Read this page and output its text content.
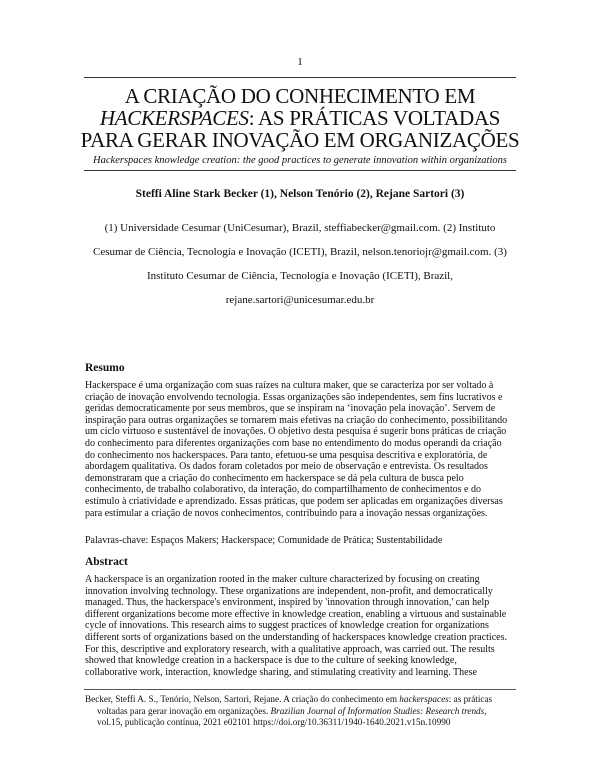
1
A CRIAÇÃO DO CONHECIMENTO EM
HACKERSPACES: AS PRÁTICAS VOLTADAS
PARA GERAR INOVAÇÃO EM ORGANIZAÇÕES
Hackerspaces knowledge creation: the good practices to generate innovation within organizations
Steffi Aline Stark Becker (1), Nelson Tenório (2), Rejane Sartori (3)
(1) Universidade Cesumar (UniCesumar), Brazil, steffiabecker@gmail.com. (2) Instituto
Cesumar de Ciência, Tecnología e Inovação (ICETI), Brazil, nelson.tenoriojr@gmail.com. (3)
Instituto Cesumar de Ciência, Tecnología e Inovação (ICETI), Brazil,
rejane.sartori@unicesumar.edu.br
Resumo
Hackerspace é uma organização com suas raízes na cultura maker, que se caracteriza por ser voltado à
criação de inovação envolvendo tecnologia. Essas organizações são independentes, sem fins lucrativos e
geridas democraticamente por seus membros, que se inspiram na ‘inovação pela inovação’. Servem de
inspiração para outras organizações se tornarem mais efetivas na criação do conhecimento, possibilitando
um ciclo virtuoso e sustentável de inovações. O objetivo desta pesquisa é sugerir bons práticas de criação
do conhecimento para diferentes organizações com base no entendimento do modus operandi da criação
do conhecimento nos hackerspaces. Para tanto, efetuou-se uma pesquisa descritiva e exploratória, de
abordagem qualitativa. Os dados foram coletados por meio de observação e entrevista. Os resultados
demonstraram que a criação do conhecimento em hackerspace se dá pela cultura de busca pelo
conhecimento, de trabalho colaborativo, da interação, do compartilhamento de conhecimentos e do
estímulo à criatividade e aprendizado. Essas práticas, que podem ser aplicadas em organizações diversas
para estimular a criação de novos conhecimentos, contribuindo para a inovação nessas organizações.
Palavras-chave: Espaços Makers; Hackerspace; Comunidade de Prática; Sustentabilidade
Abstract
A hackerspace is an organization rooted in the maker culture characterized by focusing on creating
innovation involving technology. These organizations are independent, non-profit, and democratically
managed. Thus, the hackerspace's environment, inspired by 'innovation through innovation,' can help
different organizations become more effective in knowledge creation, enabling a virtuous and sustainable
cycle of innovations. This research aims to suggest practices of knowledge creation for organizations
different sorts of organizations based on the understanding of hackerspaces knowledge creation practices.
For this, descriptive and exploratory research, with a qualitative approach, was carried out. The results
showed that knowledge creation in a hackerspace is due to the culture of seeking knowledge,
collaborative work, interaction, knowledge sharing, and stimulating creativity and learning. These
Becker, Steffi A. S., Tenório, Nelson, Sartori, Rejane. A criação do conhecimento em hackerspaces: as práticas
voltadas para gerar inovação em organizações. Brazilian Journal of Information Studies: Research trends,
vol.15, publicação contínua, 2021 e02101 https://doi.org/10.36311/1940-1640.2021.v15n.10990
